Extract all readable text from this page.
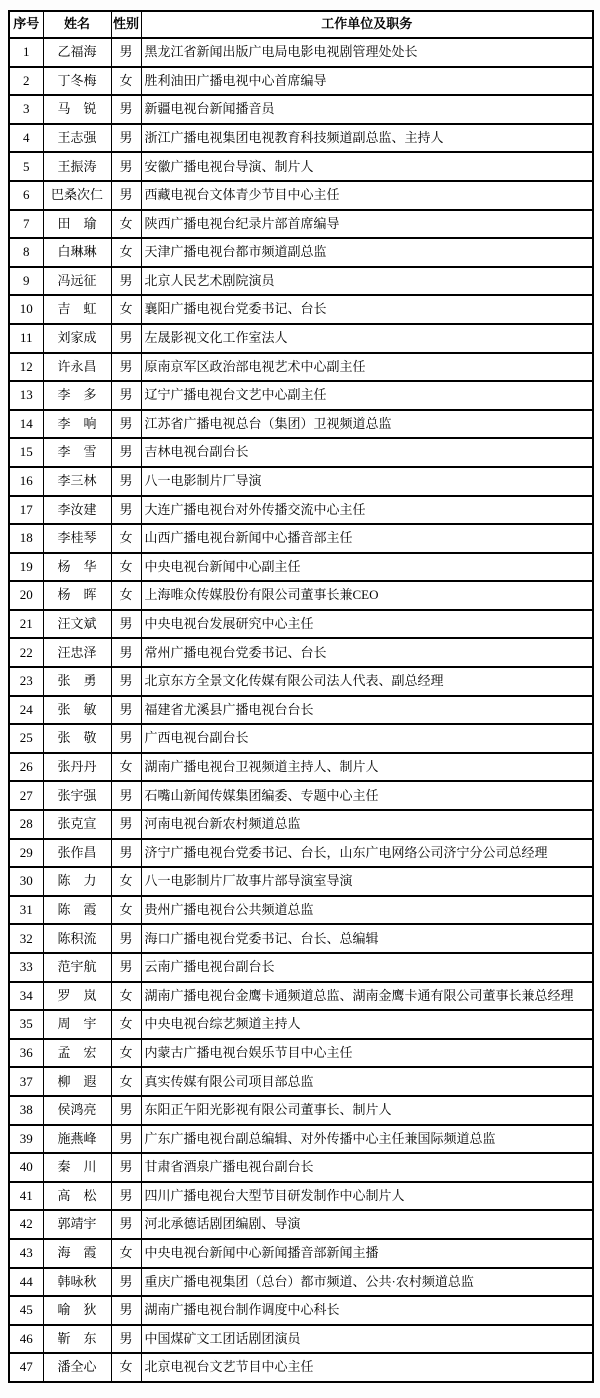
序号	姓名	性别	工作单位及职务
1	乙福海	男	黑龙江省新闻出版广电局电影电视剧管理处处长
2	丁冬梅	女	胜利油田广播电视中心首席编导
3	马　锐	男	新疆电视台新闻播音员
4	王志强	男	浙江广播电视集团电视教育科技频道副总监、主持人
5	王振涛	男	安徽广播电视台导演、制片人
6	巴桑次仁	男	西藏电视台文体青少节目中心主任
7	田　瑜	女	陕西广播电视台纪录片部首席编导
8	白琳琳	女	天津广播电视台都市频道副总监
9	冯远征	男	北京人民艺术剧院演员
10	吉　虹	女	襄阳广播电视台党委书记、台长
11	刘家成	男	左晟影视文化工作室法人
12	许永昌	男	原南京军区政治部电视艺术中心副主任
13	李　多	男	辽宁广播电视台文艺中心副主任
14	李　响	男	江苏省广播电视总台（集团）卫视频道总监
15	李　雪	男	吉林电视台副台长
16	李三林	男	八一电影制片厂导演
17	李汝建	男	大连广播电视台对外传播交流中心主任
18	李桂琴	女	山西广播电视台新闻中心播音部主任
19	杨　华	女	中央电视台新闻中心副主任
20	杨　晖	女	上海唯众传媒股份有限公司董事长兼CEO
21	汪文斌	男	中央电视台发展研究中心主任
22	汪忠泽	男	常州广播电视台党委书记、台长
23	张　勇	男	北京东方全景文化传媒有限公司法人代表、副总经理
24	张　敏	男	福建省尤溪县广播电视台台长
25	张　敬	男	广西电视台副台长
26	张丹丹	女	湖南广播电视台卫视频道主持人、制片人
27	张宇强	男	石嘴山新闻传媒集团编委、专题中心主任
28	张克宣	男	河南电视台新农村频道总监
29	张作昌	男	济宁广播电视台党委书记、台长，山东广电网络公司济宁分公司总经理
30	陈　力	女	八一电影制片厂故事片部导演室导演
31	陈　霞	女	贵州广播电视台公共频道总监
32	陈积流	男	海口广播电视台党委书记、台长、总编辑
33	范宇航	男	云南广播电视台副台长
34	罗　岚	女	湖南广播电视台金鹰卡通频道总监、湖南金鹰卡通有限公司董事长兼总经理
35	周　宇	女	中央电视台综艺频道主持人
36	孟　宏	女	内蒙古广播电视台娱乐节目中心主任
37	柳　遐	女	真实传媒有限公司项目部总监
38	侯鸿亮	男	东阳正午阳光影视有限公司董事长、制片人
39	施燕峰	男	广东广播电视台副总编辑、对外传播中心主任兼国际频道总监
40	秦　川	男	甘肃省酒泉广播电视台副台长
41	高　松	男	四川广播电视台大型节目研发制作中心制片人
42	郭靖宇	男	河北承德话剧团编剧、导演
43	海　霞	女	中央电视台新闻中心新闻播音部新闻主播
44	韩咏秋	男	重庆广播电视集团（总台）都市频道、公共·农村频道总监
45	喻　狄	男	湖南广播电视台制作调度中心科长
46	靳　东	男	中国煤矿文工团话剧团演员
47	潘全心	女	北京电视台文艺节目中心主任
